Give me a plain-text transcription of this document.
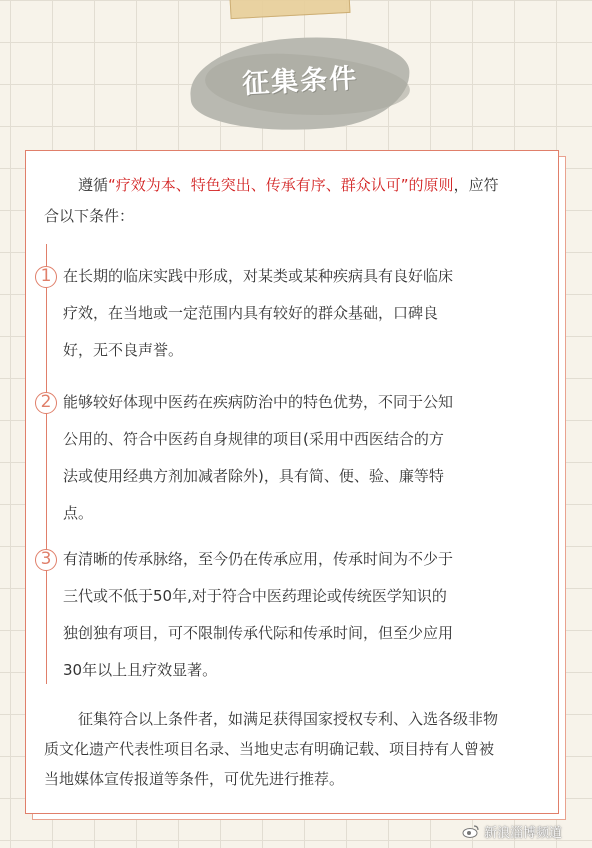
征集条件
遵循“疗效为本、特色突出、传承有序、群众认可”的原则，应符
合以下条件：
1 在长期的临床实践中形成，对某类或某种疾病具有良好临床
疗效，在当地或一定范围内具有较好的群众基础，口碑良
好，无不良声誉。
2 能够较好体现中医药在疾病防治中的特色优势，不同于公知
公用的、符合中医药自身规律的项目(采用中西医结合的方
法或使用经典方剂加减者除外)，具有简、便、验、廉等特
点。
3 有清晰的传承脉络，至今仍在传承应用，传承时间为不少于
三代或不低于50年,对于符合中医药理论或传统医学知识的
独创独有项目，可不限制传承代际和传承时间，但至少应用
30年以上且疗效显著。
征集符合以上条件者，如满足获得国家授权专利、入选各级非物
质文化遗产代表性项目名录、当地史志有明确记载、项目持有人曾被
当地媒体宣传报道等条件，可优先进行推荐。
新浪淄博频道
